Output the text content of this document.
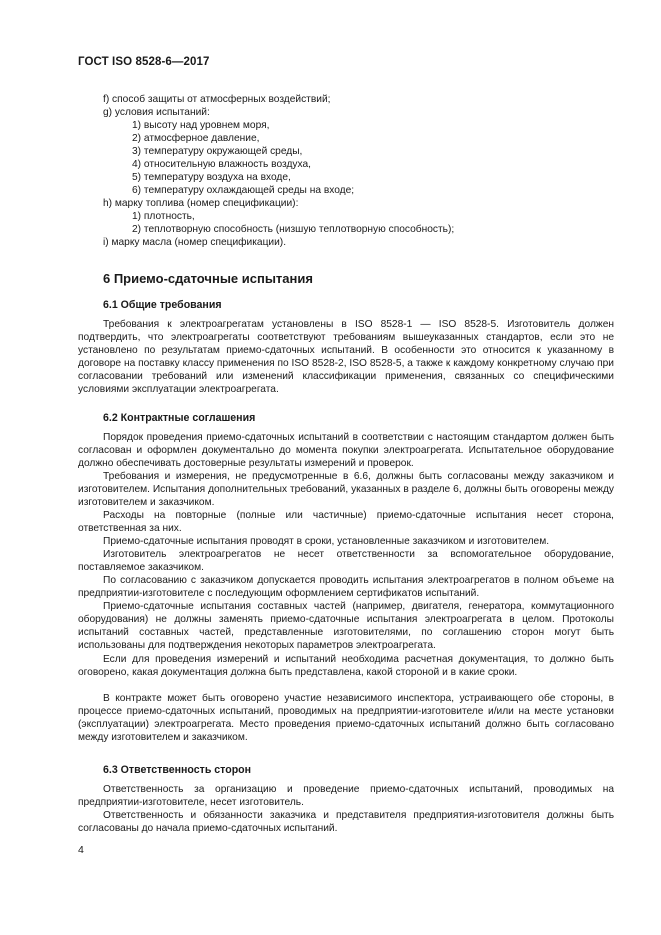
ГОСТ ISO 8528-6—2017
f) способ защиты от атмосферных воздействий;
g) условия испытаний:
1) высоту над уровнем моря,
2) атмосферное давление,
3) температуру окружающей среды,
4) относительную влажность воздуха,
5) температуру воздуха на входе,
6) температуру охлаждающей среды на входе;
h) марку топлива (номер спецификации):
1) плотность,
2) теплотворную способность (низшую теплотворную способность);
i) марку масла (номер спецификации).
6 Приемо-сдаточные испытания
6.1 Общие требования

Требования к электроагрегатам установлены в ISO 8528-1 — ISO 8528-5. Изготовитель должен подтвердить, что электроагрегаты соответствуют требованиям вышеуказанных стандартов, если это не установлено по результатам приемо-сдаточных испытаний. В особенности это относится к указанному в договоре на поставку классу применения по ISO 8528-2, ISO 8528-5, а также к каждому конкретному случаю при согласовании требований или изменений классификации применения, связанных со специфическими условиями эксплуатации электроагрегата.

6.2 Контрактные соглашения

Порядок проведения приемо-сдаточных испытаний в соответствии с настоящим стандартом должен быть согласован и оформлен документально до момента покупки электроагрегата. Испытательное оборудование должно обеспечивать достоверные результаты измерений и проверок.

Требования и измерения, не предусмотренные в 6.6, должны быть согласованы между заказчиком и изготовителем. Испытания дополнительных требований, указанных в разделе 6, должны быть оговорены между изготовителем и заказчиком.

Расходы на повторные (полные или частичные) приемо-сдаточные испытания несет сторона, ответственная за них.

Приемо-сдаточные испытания проводят в сроки, установленные заказчиком и изготовителем.

Изготовитель электроагрегатов не несет ответственности за вспомогательное оборудование, поставляемое заказчиком.

По согласованию с заказчиком допускается проводить испытания электроагрегатов в полном объеме на предприятии-изготовителе с последующим оформлением сертификатов испытаний.

Приемо-сдаточные испытания составных частей (например, двигателя, генератора, коммутационного оборудования) не должны заменять приемо-сдаточные испытания электроагрегата в целом. Протоколы испытаний составных частей, представленные изготовителями, по соглашению сторон могут быть использованы для подтверждения некоторых параметров электроагрегата.

Если для проведения измерений и испытаний необходима расчетная документация, то должно быть оговорено, какая документация должна быть представлена, какой стороной и в какие сроки.

В контракте может быть оговорено участие независимого инспектора, устраивающего обе стороны, в процессе приемо-сдаточных испытаний, проводимых на предприятии-изготовителе и/или на месте установки (эксплуатации) электроагрегата. Место проведения приемо-сдаточных испытаний должно быть согласовано между изготовителем и заказчиком.

6.3 Ответственность сторон

Ответственность за организацию и проведение приемо-сдаточных испытаний, проводимых на предприятии-изготовителе, несет изготовитель.

Ответственность и обязанности заказчика и представителя предприятия-изготовителя должны быть согласованы до начала приемо-сдаточных испытаний.

4
